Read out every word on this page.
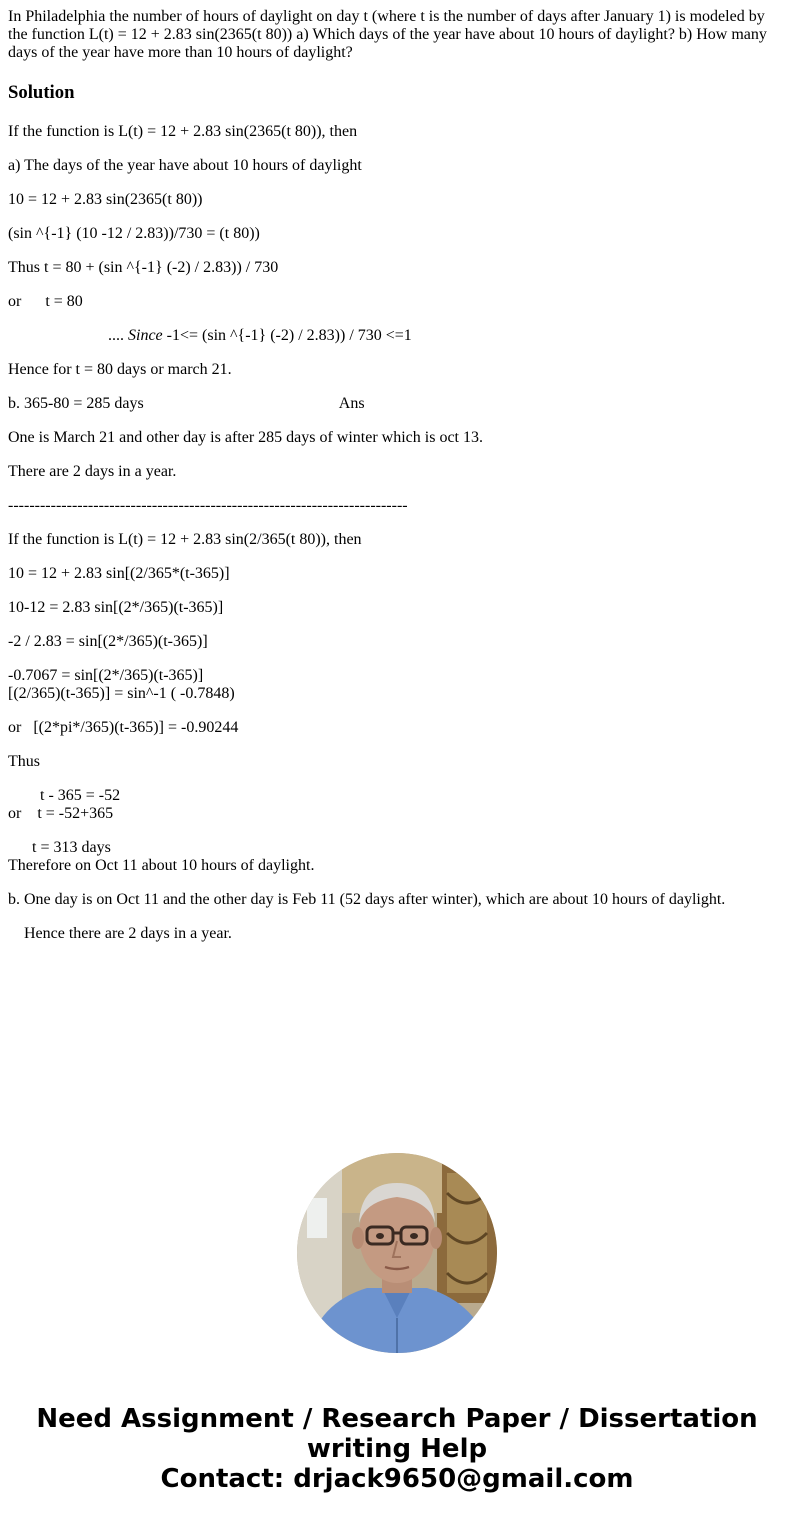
In Philadelphia the number of hours of daylight on day t (where t is the number of days after January 1) is modeled by the function L(t) = 12 + 2.83 sin(2365(t 80)) a) Which days of the year have about 10 hours of daylight? b) How many days of the year have more than 10 hours of daylight?

Solution

If the function is L(t) = 12 + 2.83 sin(2365(t 80)), then

a) The days of the year have about 10 hours of daylight

10 = 12 + 2.83 sin(2365(t 80))

(sin ^{-1} (10 -12 / 2.83))/730 = (t 80))

Thus t = 80 + (sin ^{-1} (-2) / 2.83)) / 730

or      t = 80

.... Since -1<= (sin ^{-1} (-2) / 2.83)) / 730 <=1

Hence for t = 80 days or march 21.

b. 365-80 = 285 days                                                 Ans

One is March 21 and other day is after 285 days of winter which is oct 13.

There are 2 days in a year.

---------------------------------------------------------------------------

If the function is L(t) = 12 + 2.83 sin(2/365(t 80)), then

10 = 12 + 2.83 sin[(2/365*(t-365)]

10-12 = 2.83 sin[(2*/365)(t-365)]

-2 / 2.83 = sin[(2*/365)(t-365)]

-0.7067 = sin[(2*/365)(t-365)]
[(2/365)(t-365)] = sin^-1 ( -0.7848)

or   [(2*pi*/365)(t-365)] = -0.90244

Thus

t - 365 = -52
or    t = -52+365

t = 313 days
Therefore on Oct 11 about 10 hours of daylight.

b. One day is on Oct 11 and the other day is Feb 11 (52 days after winter), which are about 10 hours of daylight.

Hence there are 2 days in a year.

Need Assignment / Research Paper / Dissertation
writing Help
Contact: drjack9650@gmail.com
